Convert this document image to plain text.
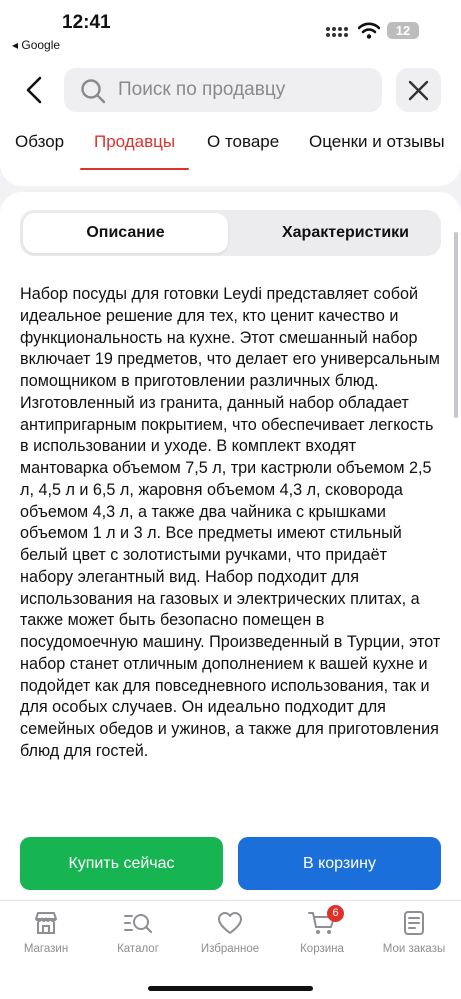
12:41
◂ Google
12
Поиск по продавцу
Обзор Продавцы О товаре Оценки и отзывы
Описание	Характеристики
Набор посуды для готовки Leydi представляет собой идеальное решение для тех, кто ценит качество и функциональность на кухне. Этот смешанный набор включает 19 предметов, что делает его универсальным помощником в приготовлении различных блюд. Изготовленный из гранита, данный набор обладает антипригарным покрытием, что обеспечивает легкость в использовании и уходе. В комплект входят мантоварка объемом 7,5 л, три кастрюли объемом 2,5 л, 4,5 л и 6,5 л, жаровня объемом 4,3 л, сковорода объемом 4,3 л, а также два чайника с крышками объемом 1 л и 3 л. Все предметы имеют стильный белый цвет с золотистыми ручками, что придаёт набору элегантный вид. Набор подходит для использования на газовых и электрических плитах, а также может быть безопасно помещен в посудомоечную машину. Произведенный в Турции, этот набор станет отличным дополнением к вашей кухне и подойдет как для повседневного использования, так и для особых случаев. Он идеально подходит для семейных обедов и ужинов, а также для приготовления блюд для гостей.
Купить сейчас	В корзину
Магазин	Каталог	Избранное
6
Корзина	Мои заказы
